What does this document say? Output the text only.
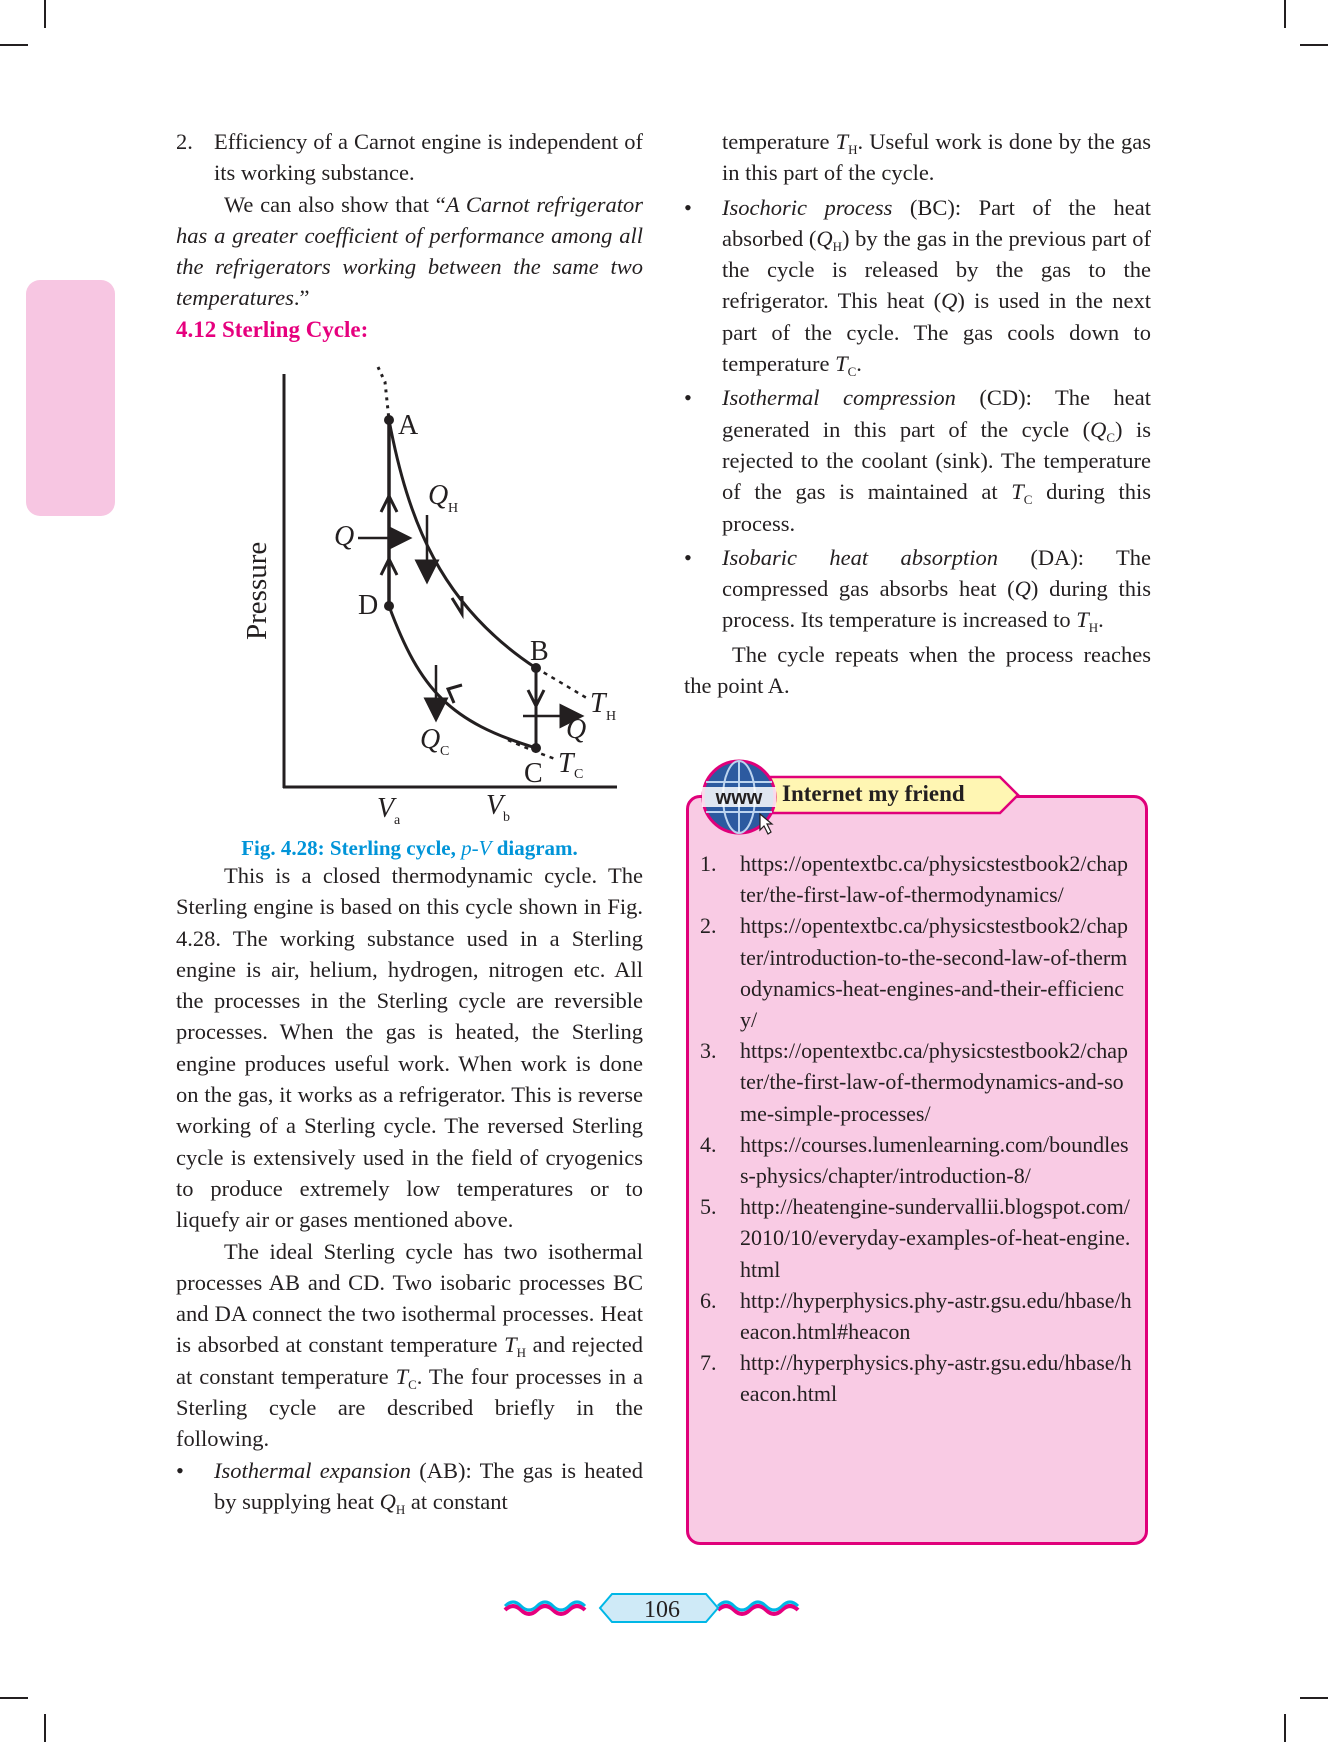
2. Efficiency of a Carnot engine is independent of its working substance.

We can also show that “A Carnot refrigerator has a greater coefficient of performance among all the refrigerators working between the same two temperatures.”

4.12 Sterling Cycle:

A
B
C
D
Q
Q H
Q C
Q
T H
T C
V a	V b
Pressure
Fig. 4.28: Sterling cycle, p-V diagram.

This is a closed thermodynamic cycle. The Sterling engine is based on this cycle shown in Fig. 4.28. The working substance used in a Sterling engine is air, helium, hydrogen, nitrogen etc. All the processes in the Sterling cycle are reversible processes. When the gas is heated, the Sterling engine produces useful work. When work is done on the gas, it works as a refrigerator. This is reverse working of a Sterling cycle. The reversed Sterling cycle is extensively used in the field of cryogenics to produce extremely low temperatures or to liquefy air or gases mentioned above.

The ideal Sterling cycle has two isothermal processes AB and CD. Two isobaric processes BC and DA connect the two isothermal processes. Heat is absorbed at constant temperature $T_H$ and rejected at constant temperature $T_C$. The four processes in a Sterling cycle are described briefly in the following.

• Isothermal expansion (AB): The gas is heated by supplying heat $Q_H$ at constant

temperature $T_H$. Useful work is done by the gas in this part of the cycle.

• Isochoric process (BC): Part of the heat absorbed $(Q_H)$ by the gas in the previous part of the cycle is released by the gas to the refrigerator. This heat (Q) is used in the next part of the cycle. The gas cools down to temperature $T_C$.

• Isothermal compression (CD): The heat generated in this part of the cycle $(Q_C)$ is rejected to the coolant (sink). The temperature of the gas is maintained at $T_C$ during this process.

• Isobaric heat absorption (DA): The compressed gas absorbs heat (Q) during this process. Its temperature is increased to $T_H$.

The cycle repeats when the process reaches the point A.

Internet my friend
www
1. https://opentextbc.ca/physicstestbook2/chapter/the-first-law-of-thermodynamics/
2. https://opentextbc.ca/physicstestbook2/chapter/introduction-to-the-second-law-of-thermodynamics-heat-engines-and-their-efficiency/
3. https://opentextbc.ca/physicstestbook2/chapter/the-first-law-of-thermodynamics-and-some-simple-processes/
4. https://courses.lumenlearning.com/boundless-physics/chapter/introduction-8/
5. http://heatengine-sundervallii.blogspot.com/2010/10/everyday-examples-of-heat-engine.html
6. http://hyperphysics.phy-astr.gsu.edu/hbase/heacon.html#heacon
7. http://hyperphysics.phy-astr.gsu.edu/hbase/heacon.html
106
